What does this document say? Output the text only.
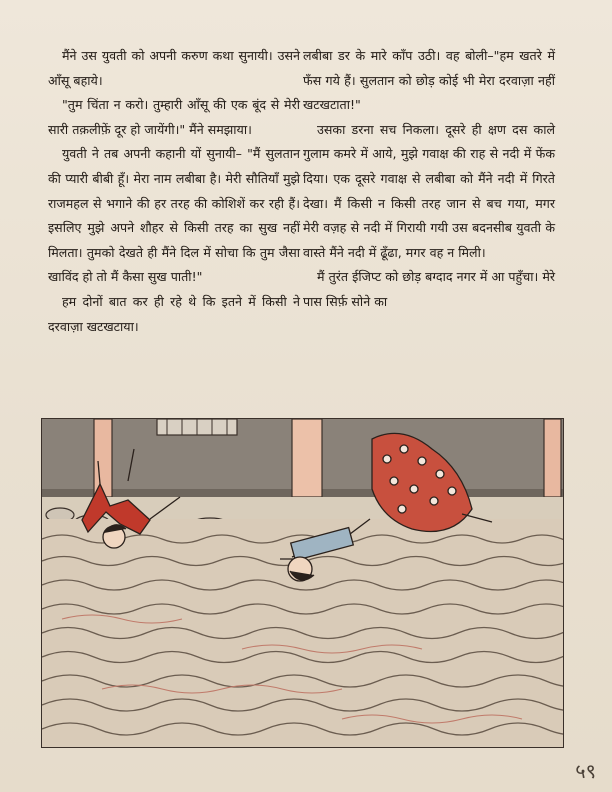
मैंने उस युवती को अपनी करुण कथा सुनायी। उसने आँसू बहाये।

"तुम चिंता न करो। तुम्हारी आँसू की एक बूंद से मेरी सारी तक़लीफ़ें दूर हो जायेंगी।" मैंने समझाया।

युवती ने तब अपनी कहानी यों सुनायी– "मैं सुलतान की प्यारी बीबी हूँ। मेरा नाम लबीबा है। मेरी सौतियाँ मुझे राजमहल से भगाने की हर तरह की कोशिशें कर रही हैं। इसलिए मुझे अपने शौहर से किसी तरह का सुख नहीं मिलता। तुमको देखते ही मैंने दिल में सोचा कि तुम जैसा खाविंद हो तो मैं कैसा सुख पाती!"

हम दोनों बात कर ही रहे थे कि इतने में किसी ने दरवाज़ा खटखटाया।

लबीबा डर के मारे काँप उठी। वह बोली–"हम खतरे में फँस गये हैं। सुलतान को छोड़ कोई भी मेरा दरवाज़ा नहीं खटखटाता!"

उसका डरना सच निकला। दूसरे ही क्षण दस काले गुलाम कमरे में आये, मुझे गवाक्ष की राह से नदी में फेंक दिया। एक दूसरे गवाक्ष से लबीबा को मैंने नदी में गिरते देखा। मैं किसी न किसी तरह जान से बच गया, मगर मेरी वज़ह से नदी में गिरायी गयी उस बदनसीब युवती के वास्ते मैंने नदी में ढूँढा, मगर वह न मिली।

मैं तुरंत ईजिप्ट को छोड़ बग्दाद नगर में आ पहुँचा। मेरे पास सिर्फ़ सोने का

५९
